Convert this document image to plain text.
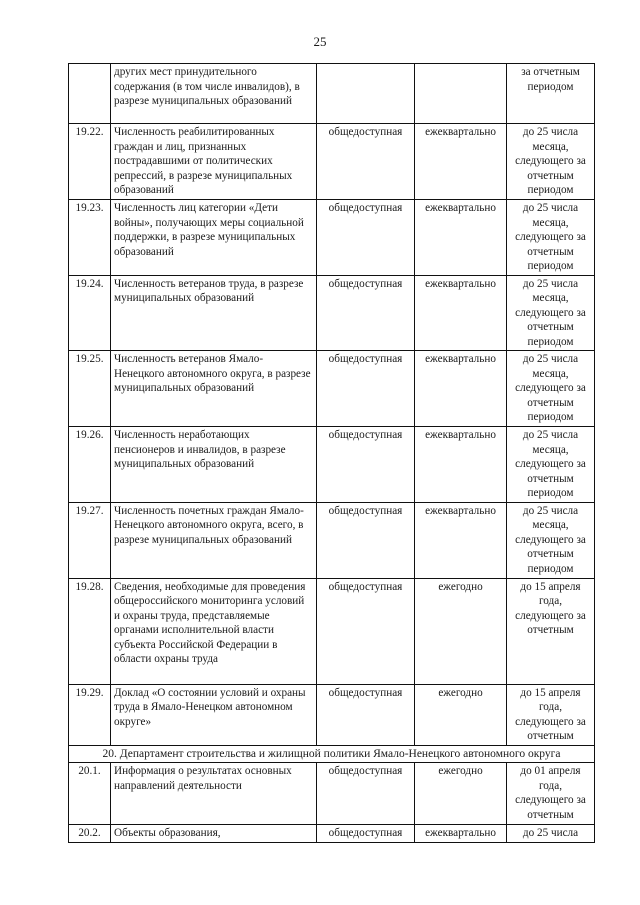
25
	других мест принудительного содержания (в том числе инвалидов), в разрезе муниципальных образований			за отчетным периодом
19.22.	Численность реабилитированных граждан и лиц, признанных пострадавшими от политических репрессий, в разрезе муниципальных образований	общедоступная	ежеквартально	до 25 числа месяца, следующего за отчетным периодом
19.23.	Численность лиц категории «Дети войны», получающих меры социальной поддержки, в разрезе муниципальных образований	общедоступная	ежеквартально	до 25 числа месяца, следующего за отчетным периодом
19.24.	Численность ветеранов труда, в разрезе муниципальных образований	общедоступная	ежеквартально	до 25 числа месяца, следующего за отчетным периодом
19.25.	Численность ветеранов Ямало-Ненецкого автономного округа, в разрезе муниципальных образований	общедоступная	ежеквартально	до 25 числа месяца, следующего за отчетным периодом
19.26.	Численность неработающих пенсионеров и инвалидов, в разрезе муниципальных образований	общедоступная	ежеквартально	до 25 числа месяца, следующего за отчетным периодом
19.27.	Численность почетных граждан Ямало-Ненецкого автономного округа, всего, в разрезе муниципальных образований	общедоступная	ежеквартально	до 25 числа месяца, следующего за отчетным периодом
19.28.	Сведения, необходимые для проведения общероссийского мониторинга условий и охраны труда, представляемые органами исполнительной власти субъекта Российской Федерации в области охраны труда	общедоступная	ежегодно	до 15 апреля года, следующего за отчетным
19.29.	Доклад «О состоянии условий и охраны труда в Ямало-Ненецком автономном округе»	общедоступная	ежегодно	до 15 апреля года, следующего за отчетным
20. Департамент строительства и жилищной политики Ямало-Ненецкого автономного округа				
20.1.	Информация о результатах основных направлений деятельности	общедоступная	ежегодно	до 01 апреля года, следующего за отчетным
20.2.	Объекты образования,	общедоступная	ежеквартально	до 25 числа
